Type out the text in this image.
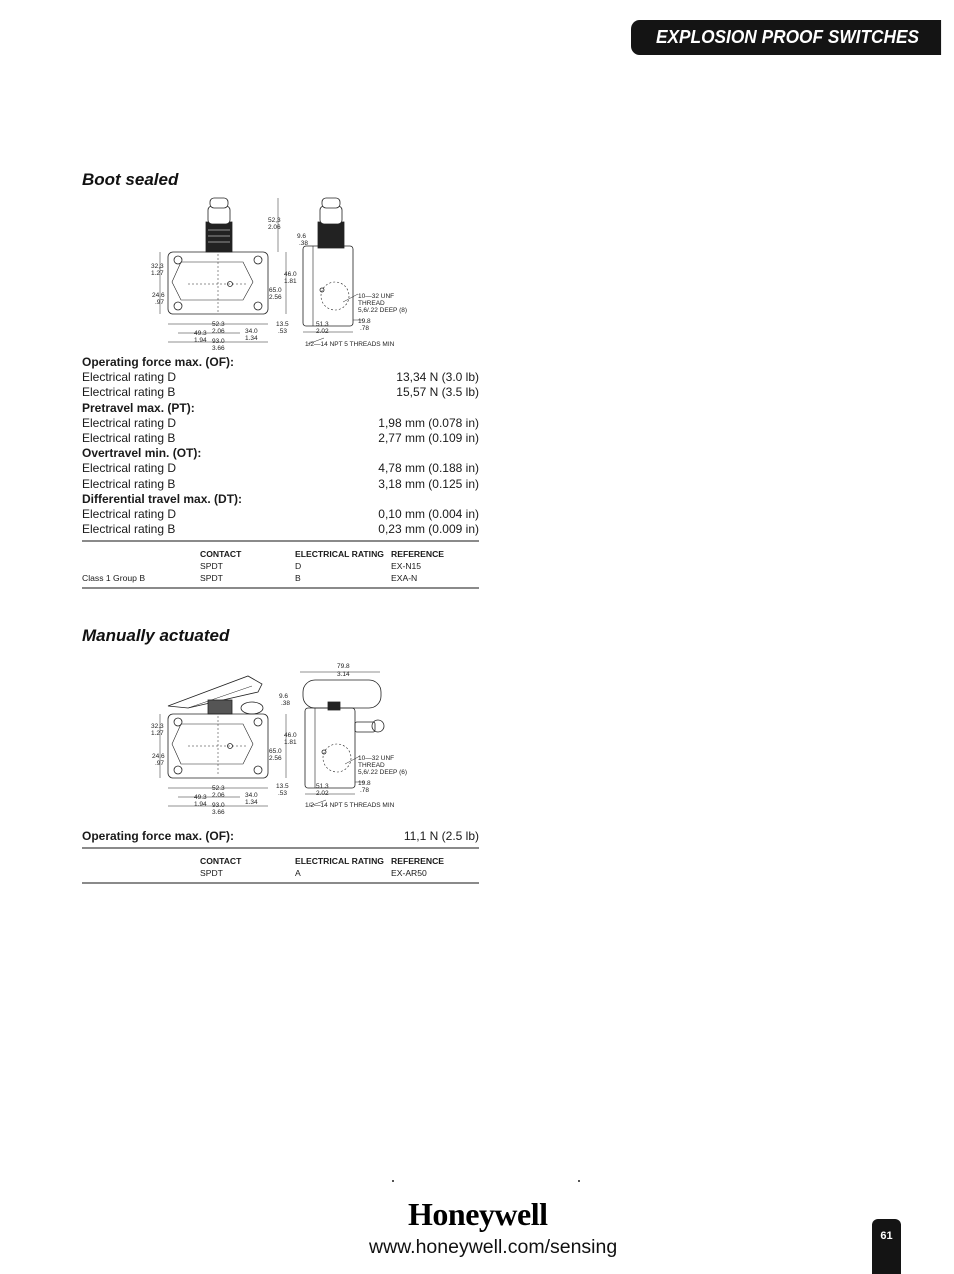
EXPLOSION PROOF SWITCHES
Boot sealed
52,3
2.06
9.6
.38
32,3
1.27
24.6
.97
46.0
1.81
65.0
2.56
13.5
.53
51.3
2.02
19.8
.78
49.3
1.94
52.3
2.06	34.0
1.34
93.0
3.66
10—32 UNF
THREAD
5,6/.22 DEEP (8)
1/2—14 NPT 5 THREADS MIN
Operating force max. (OF):
Electrical rating D	13,34 N (3.0 lb)
Electrical rating B	15,57 N (3.5 lb)
Pretravel max. (PT):
Electrical rating D	1,98 mm (0.078 in)
Electrical rating B	2,77 mm (0.109 in)
Overtravel min. (OT):
Electrical rating D	4,78 mm (0.188 in)
Electrical rating B	3,18 mm (0.125 in)
Differential travel max. (DT):
Electrical rating D	0,10 mm (0.004 in)
Electrical rating B	0,23 mm (0.009 in)
CONTACT	ELECTRICAL RATING REFERENCE
SPDT	D	EX-N15
Class 1 Group B	SPDT	B	EXA-N
Manually actuated
79.8
3.14
9.6
.38
32.3
1.27
24.6
.97
46.0
1.81
65.0
2.56
13.5
.53
51.3
2.02
19.8
.78
49.3
1.94
52.3
2.06	34.0
1.34
93.0
3.66
10—32 UNF
THREAD
5,6/.22 DEEP (6)
1/2—14 NPT 5 THREADS MIN
Operating force max. (OF):	11,1 N (2.5 lb)
CONTACT	ELECTRICAL RATING REFERENCE
SPDT	A	EX-AR50
Honeywell
www.honeywell.com/sensing	61
